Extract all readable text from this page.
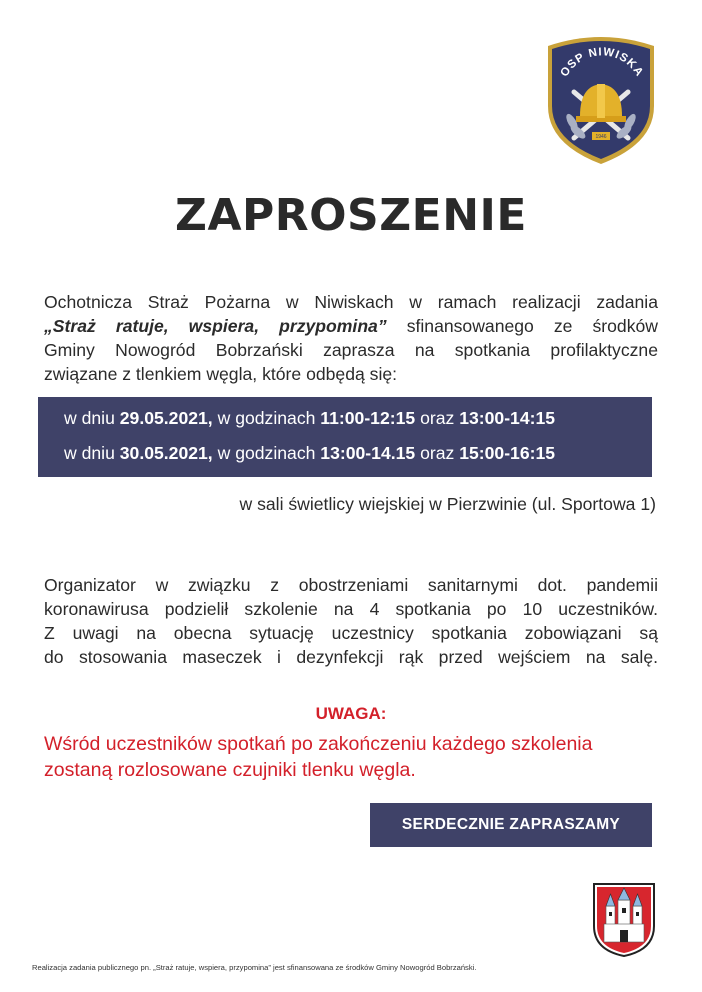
OSP NIWISKA
1946
ZAPROSZENIE
Ochotnicza Straż Pożarna w Niwiskach w ramach realizacji zadania
„Straż ratuje, wspiera, przypomina” sfinansowanego ze środków
Gminy Nowogród Bobrzański zaprasza na spotkania profilaktyczne
związane z tlenkiem węgla, które odbędą się:
w dniu 29.05.2021, w godzinach 11:00-12:15 oraz 13:00-14:15
w dniu 30.05.2021, w godzinach 13:00-14.15 oraz 15:00-16:15
w sali świetlicy wiejskiej w Pierzwinie (ul. Sportowa 1)
Organizator w związku z obostrzeniami sanitarnymi dot. pandemii
koronawirusa podzielił szkolenie na 4 spotkania po 10 uczestników.
Z uwagi na obecna sytuację uczestnicy spotkania zobowiązani są
do stosowania maseczek i dezynfekcji rąk przed wejściem na salę.
UWAGA:
Wśród uczestników spotkań po zakończeniu każdego szkolenia
zostaną rozlosowane czujniki tlenku węgla.
SERDECZNIE ZAPRASZAMY
Realizacja zadania publicznego pn. „Straż ratuje, wspiera, przypomina” jest sfinansowana ze środków Gminy Nowogród Bobrzański.
